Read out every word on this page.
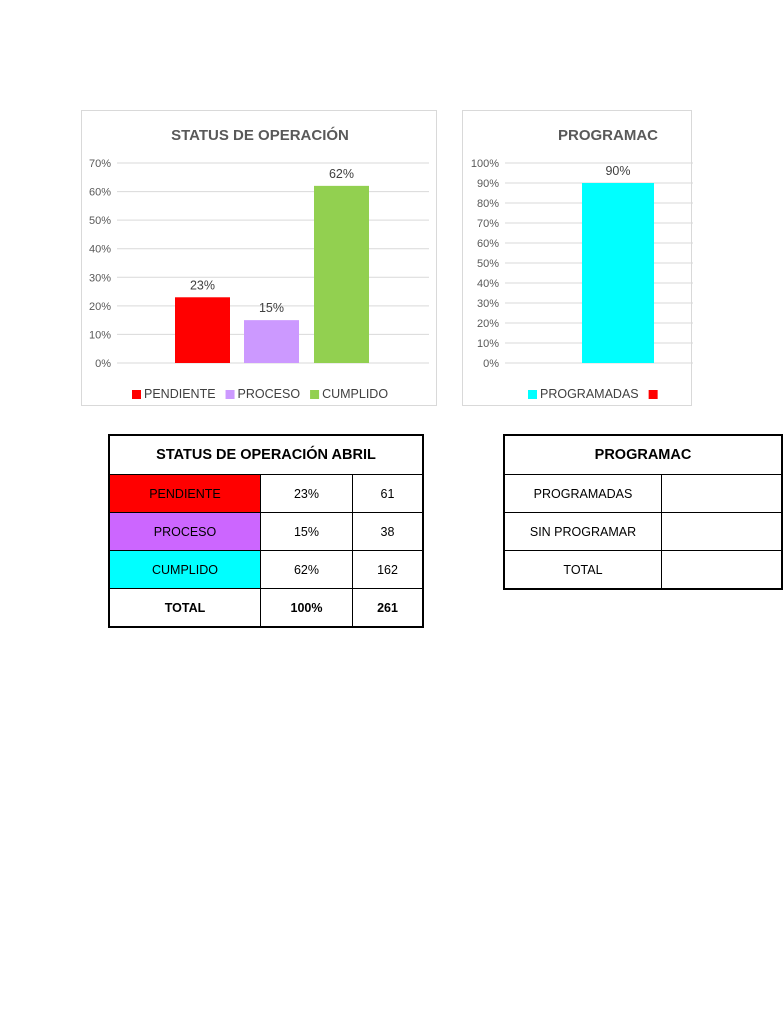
STATUS DE OPERACIÓN
0%
10%
20%
30%
40%
50%
60%
70%
23%
15%
62%
PENDIENTE PROCESO CUMPLIDO
PROGRAMAC
0%
10%
20%
30%
40%
50%
60%
70%
80%
90%
100%	90%
PROGRAMADAS
STATUS DE OPERACIÓN ABRIL		
PENDIENTE	23%	61
PROCESO	15%	38
CUMPLIDO	62%	162
TOTAL	100%	261
PROGRAMAC	
PROGRAMADAS	
SIN PROGRAMAR	
TOTAL	
